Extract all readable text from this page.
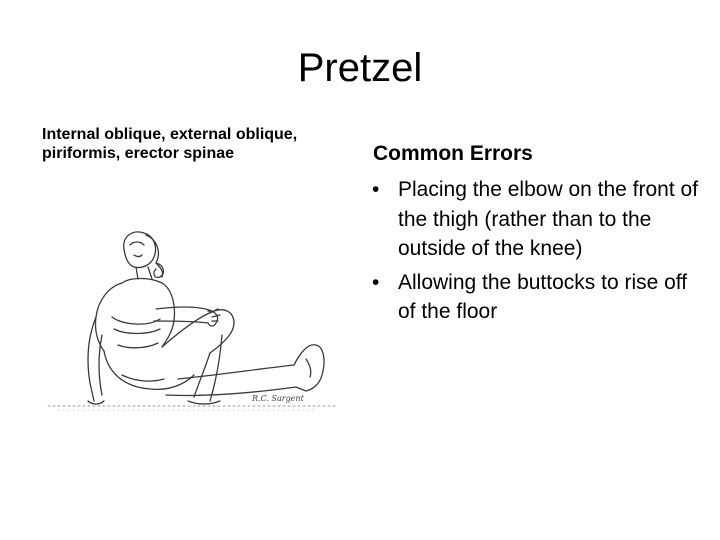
Pretzel

Internal oblique, external oblique, piriformis, erector spinae

R.C. Sargent

Common Errors

• Placing the elbow on the front of the thigh (rather than to the outside of the knee)
• Allowing the buttocks to rise off of the floor
